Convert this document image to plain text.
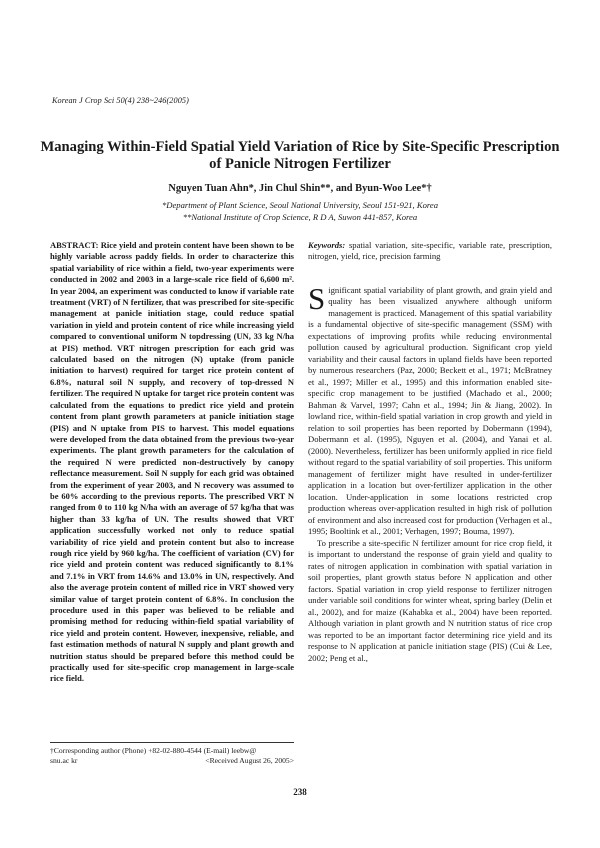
Korean J Crop Sci 50(4) 238~246(2005)
Managing Within-Field Spatial Yield Variation of Rice by Site-Specific Prescription of Panicle Nitrogen Fertilizer
Nguyen Tuan Ahn*, Jin Chul Shin**, and Byun-Woo Lee*†
*Department of Plant Science, Seoul National University, Seoul 151-921, Korea
**National Institute of Crop Science, R D A, Suwon 441-857, Korea

ABSTRACT: Rice yield and protein content have been shown to be highly variable across paddy fields. In order to characterize this spatial variability of rice within a field, two-year experiments were conducted in 2002 and 2003 in a large-scale rice field of 6,600 m². In year 2004, an experiment was conducted to know if variable rate treatment (VRT) of N fertilizer, that was prescribed for site-specific management at panicle initiation stage, could reduce spatial variation in yield and protein content of rice while increasing yield compared to conventional uniform N topdressing (UN, 33 kg N/ha at PIS) method. VRT nitrogen prescription for each grid was calculated based on the nitrogen (N) uptake (from panicle initiation to harvest) required for target rice protein content of 6.8%, natural soil N supply, and recovery of top-dressed N fertilizer. The required N uptake for target rice protein content was calculated from the equations to predict rice yield and protein content from plant growth parameters at panicle initiation stage (PIS) and N uptake from PIS to harvest. This model equations were developed from the data obtained from the previous two-year experiments. The plant growth parameters for the calculation of the required N were predicted non-destructively by canopy reflectance measurement. Soil N supply for each grid was obtained from the experiment of year 2003, and N recovery was assumed to be 60% according to the previous reports. The prescribed VRT N ranged from 0 to 110 kg N/ha with an average of 57 kg/ha that was higher than 33 kg/ha of UN. The results showed that VRT application successfully worked not only to reduce spatial variability of rice yield and protein content but also to increase rough rice yield by 960 kg/ha. The coefficient of variation (CV) for rice yield and protein content was reduced significantly to 8.1% and 7.1% in VRT from 14.6% and 13.0% in UN, respectively. And also the average protein content of milled rice in VRT showed very similar value of target protein content of 6.8%. In conclusion the procedure used in this paper was believed to be reliable and promising method for reducing within-field spatial variability of rice yield and protein content. However, inexpensive, reliable, and fast estimation methods of natural N supply and plant growth and nutrition status should be prepared before this method could be practically used for site-specific crop management in large-scale rice field.

Keywords: spatial variation, site-specific, variable rate, prescription, nitrogen, yield, rice, precision farming

Significant spatial variability of plant growth, and grain yield and quality has been visualized anywhere although uniform management is practiced. Management of this spatial variability is a fundamental objective of site-specific management (SSM) with expectations of improving profits while reducing environmental pollution caused by agricultural production. Significant crop yield variability and their causal factors in upland fields have been reported by numerous researchers (Paz, 2000; Beckett et al., 1971; McBratney et al., 1997; Miller et al., 1995) and this information enabled site-specific crop management to be justified (Machado et al., 2000; Bahman & Varvel, 1997; Cahn et al., 1994; Jin & Jiang, 2002). In lowland rice, within-field spatial variation in crop growth and yield in relation to soil properties has been reported by Dobermann (1994), Dobermann et al. (1995), Nguyen et al. (2004), and Yanai et al. (2000). Nevertheless, fertilizer has been uniformly applied in rice field without regard to the spatial variability of soil properties. This uniform management of fertilizer might have resulted in under-fertilizer application in a location but over-fertilizer application in the other location. Under-application in some locations restricted crop production whereas over-application resulted in high risk of pollution of environment and also increased cost for production (Verhagen et al., 1995; Booltink et al., 2001; Verhagen, 1997; Bouma, 1997).

To prescribe a site-specific N fertilizer amount for rice crop field, it is important to understand the response of grain yield and quality to rates of nitrogen application in combination with spatial variation in soil properties, plant growth status before N application and other factors. Spatial variation in crop yield response to fertilizer nitrogen under variable soil conditions for winter wheat, spring barley (Delin et al., 2002), and for maize (Kahabka et al., 2004) have been reported. Although variation in plant growth and N nutrition status of rice crop was reported to be an important factor determining rice yield and its response to N application at panicle initiation stage (PIS) (Cui & Lee, 2002; Peng et al.,

†Corresponding author (Phone) +82-02-880-4544 (E-mail) leebw@
snu.ac kr	<Received August 26, 2005>
238
